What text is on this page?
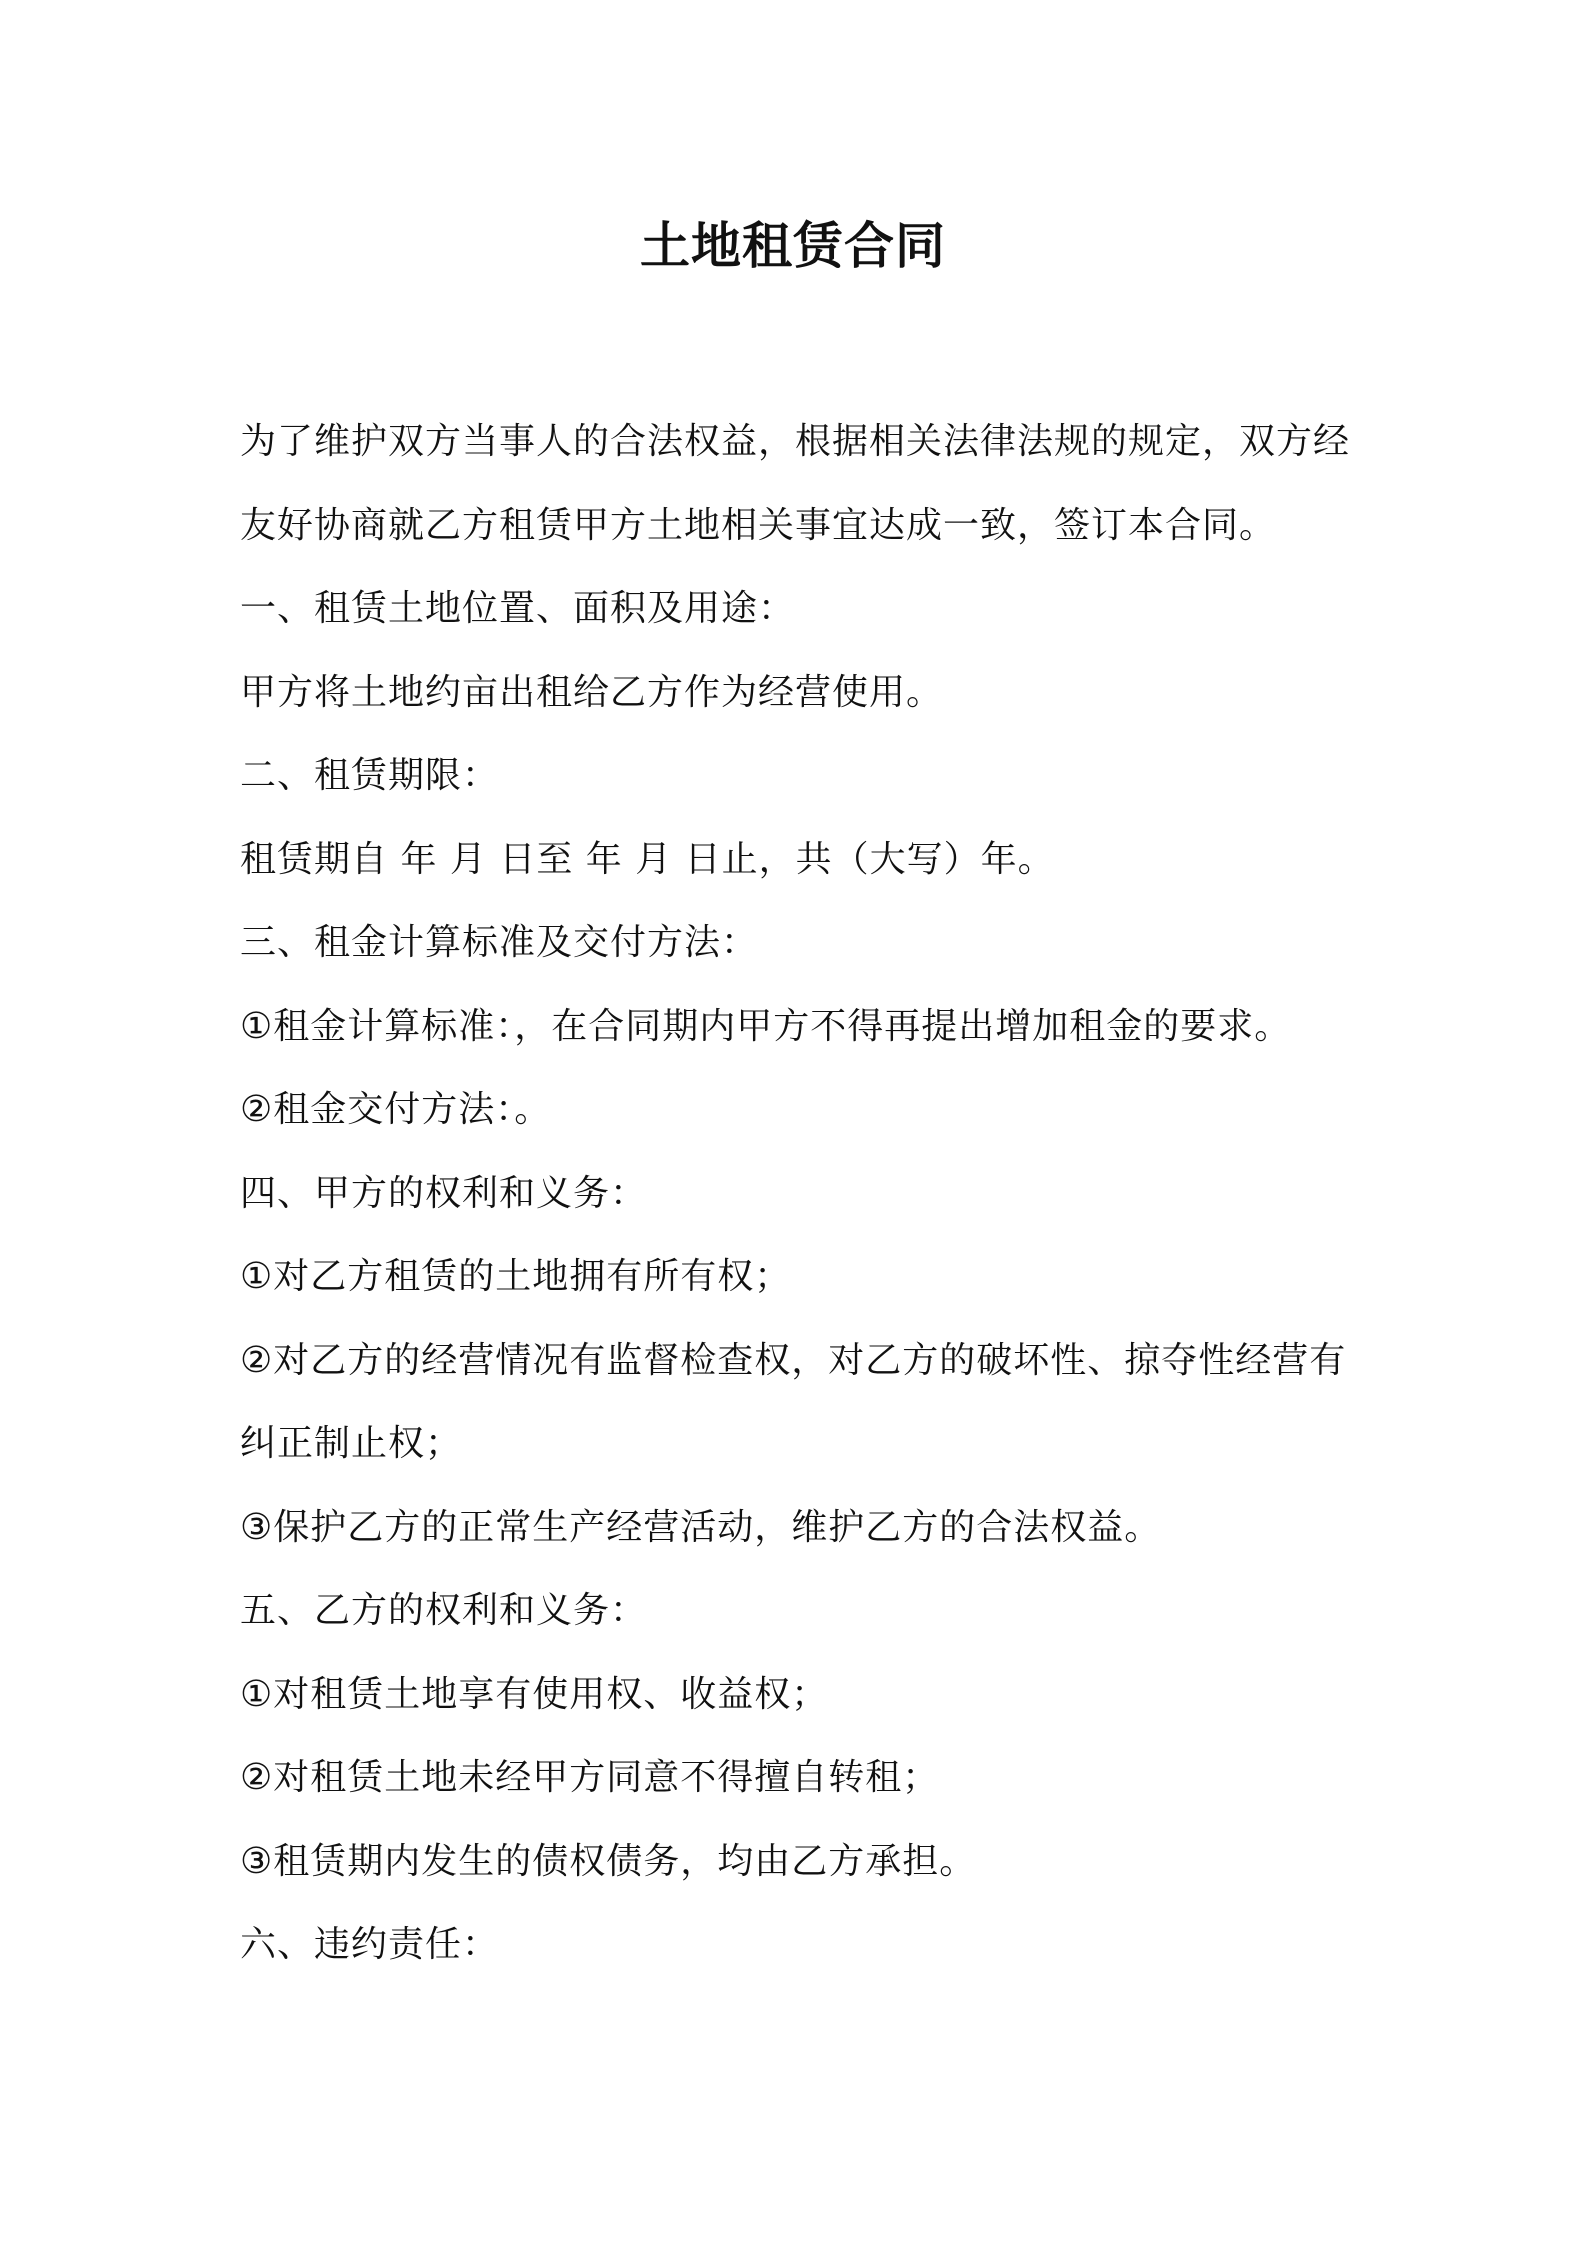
土地租赁合同
为了维护双方当事人的合法权益，根据相关法律法规的规定，双方经
友好协商就乙方租赁甲方土地相关事宜达成一致，签订本合同。
一、租赁土地位置、面积及用途：
甲方将土地约亩出租给乙方作为经营使用。
二、租赁期限：
租赁期自 年 月 日至 年 月 日止，共（大写）年。
三、租金计算标准及交付方法：
①租金计算标准：，在合同期内甲方不得再提出增加租金的要求。
②租金交付方法：。
四、甲方的权利和义务：
①对乙方租赁的土地拥有所有权；
②对乙方的经营情况有监督检查权，对乙方的破坏性、掠夺性经营有
纠正制止权；
③保护乙方的正常生产经营活动，维护乙方的合法权益。
五、乙方的权利和义务：
①对租赁土地享有使用权、收益权；
②对租赁土地未经甲方同意不得擅自转租；
③租赁期内发生的债权债务，均由乙方承担。
六、违约责任：
